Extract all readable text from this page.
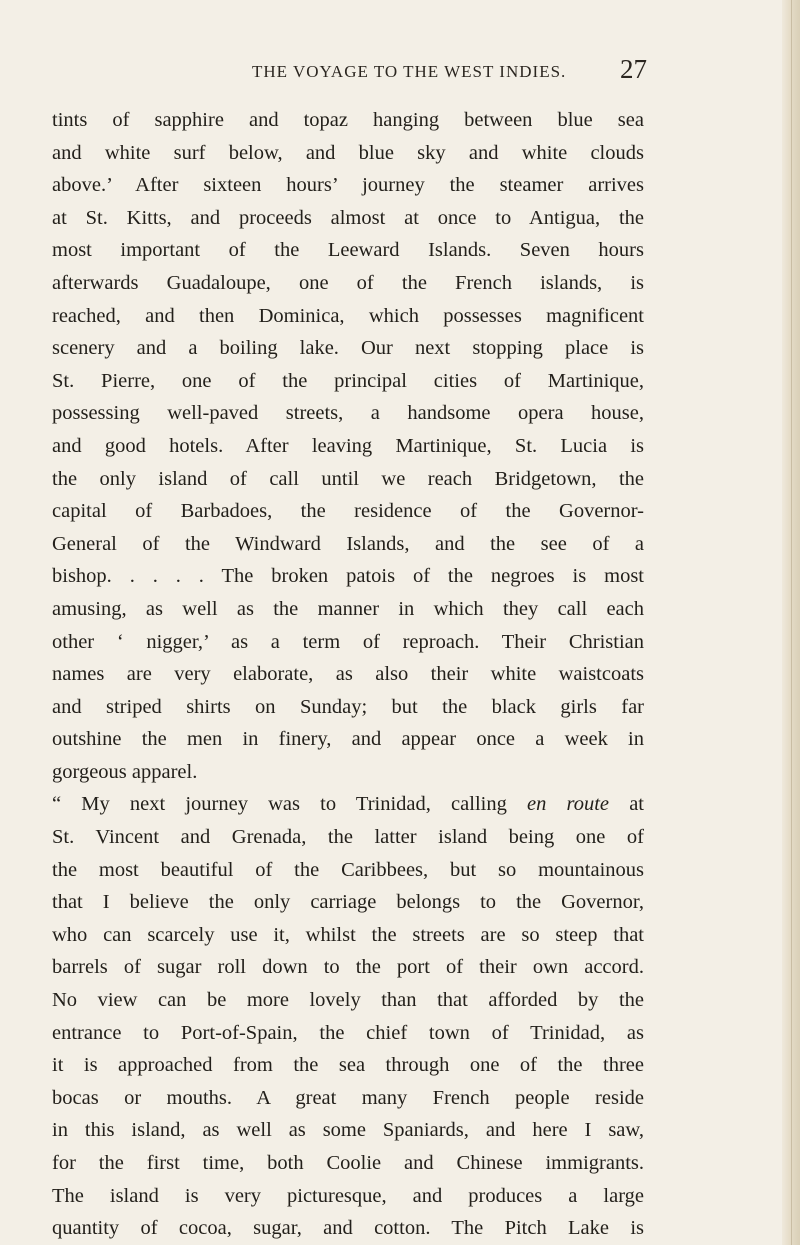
THE VOYAGE TO THE WEST INDIES. 27
tints of sapphire and topaz hanging between blue sea
and white surf below, and blue sky and white clouds
above.’ After sixteen hours’ journey the steamer arrives
at St. Kitts, and proceeds almost at once to Antigua, the
most important of the Leeward Islands. Seven hours
afterwards Guadaloupe, one of the French islands, is
reached, and then Dominica, which possesses magnificent
scenery and a boiling lake. Our next stopping place is
St. Pierre, one of the principal cities of Martinique,
possessing well-paved streets, a handsome opera house,
and good hotels. After leaving Martinique, St. Lucia is
the only island of call until we reach Bridgetown, the
capital of Barbadoes, the residence of the Governor-
General of the Windward Islands, and the see of a
bishop. . . . . The broken patois of the negroes is most
amusing, as well as the manner in which they call each
other ‘ nigger,’ as a term of reproach. Their Christian
names are very elaborate, as also their white waistcoats
and striped shirts on Sunday; but the black girls far
outshine the men in finery, and appear once a week in
gorgeous apparel.
“ My next journey was to Trinidad, calling en route at
St. Vincent and Grenada, the latter island being one of
the most beautiful of the Caribbees, but so mountainous
that I believe the only carriage belongs to the Governor,
who can scarcely use it, whilst the streets are so steep that
barrels of sugar roll down to the port of their own accord.
No view can be more lovely than that afforded by the
entrance to Port-of-Spain, the chief town of Trinidad, as
it is approached from the sea through one of the three
bocas or mouths. A great many French people reside
in this island, as well as some Spaniards, and here I saw,
for the first time, both Coolie and Chinese immigrants.
The island is very picturesque, and produces a large
quantity of cocoa, sugar, and cotton. The Pitch Lake is
